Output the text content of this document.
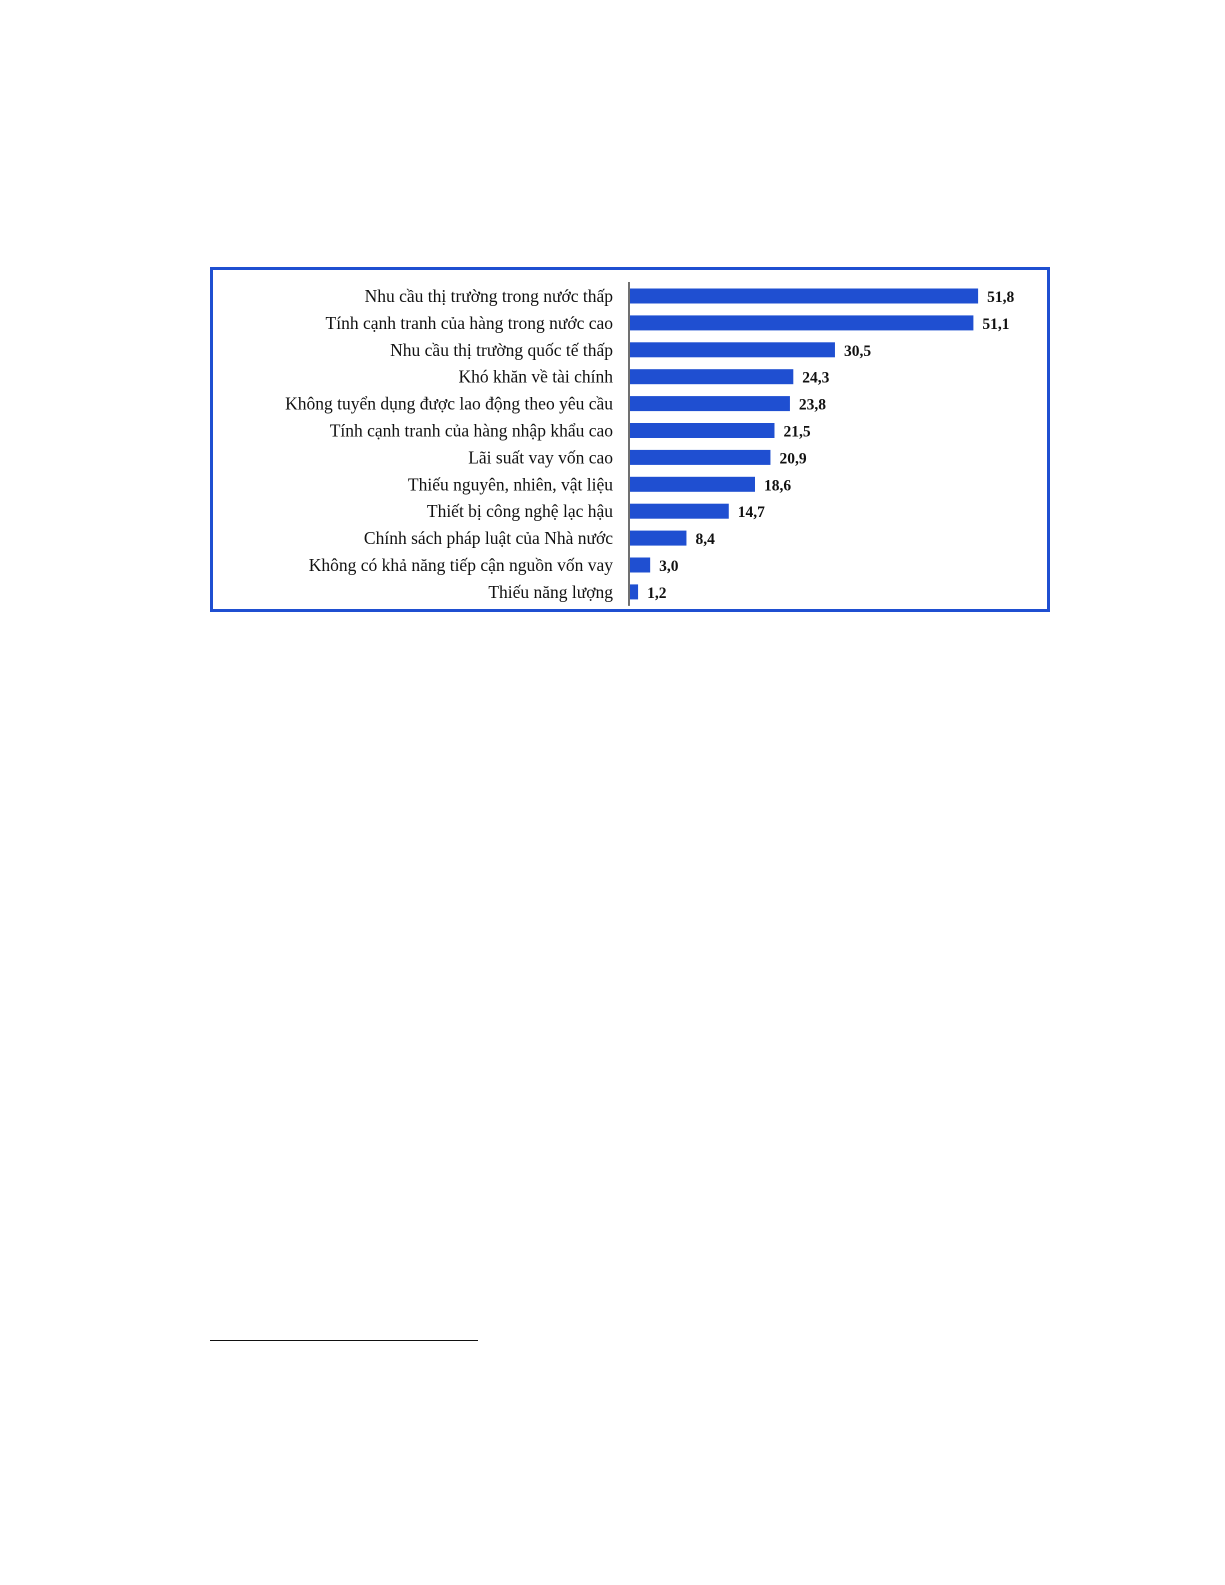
Nhu cầu thị trường trong nước thấp	51,8
Tính cạnh tranh của hàng trong nước cao	51,1
Nhu cầu thị trường quốc tế thấp	30,5
Khó khăn về tài chính	24,3
Không tuyển dụng được lao động theo yêu cầu	23,8
Tính cạnh tranh của hàng nhập khẩu cao	21,5
Lãi suất vay vốn cao	20,9
Thiếu nguyên, nhiên, vật liệu	18,6
Thiết bị công nghệ lạc hậu	14,7
Chính sách pháp luật của Nhà nước	8,4
Không có khả năng tiếp cận nguồn vốn vay	3,0
Thiếu năng lượng 1,2
